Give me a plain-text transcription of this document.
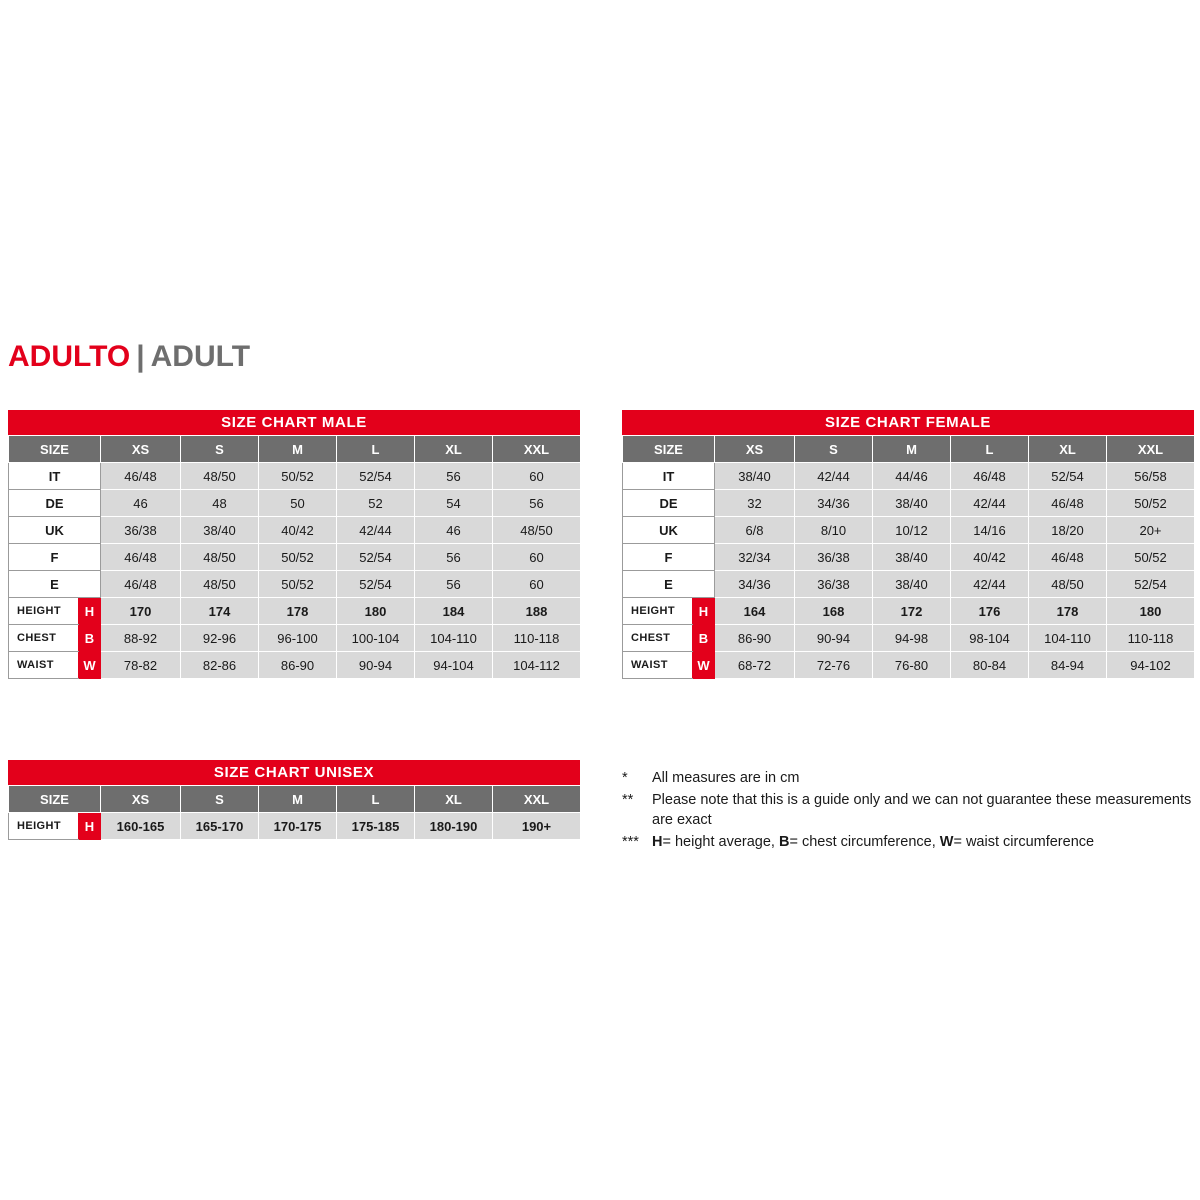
ADULTO | ADULT
SIZE CHART MALE
SIZE		XS	S	M	L	XL	XXL
IT		46/48	48/50	50/52	52/54	56	60
DE		46	48	50	52	54	56
UK		36/38	38/40	40/42	42/44	46	48/50
F		46/48	48/50	50/52	52/54	56	60
E		46/48	48/50	50/52	52/54	56	60
HEIGHT	H	170	174	178	180	184	188
CHEST	B	88-92	92-96	96-100	100-104	104-110	110-118
WAIST	W	78-82	82-86	86-90	90-94	94-104	104-112
SIZE CHART FEMALE
SIZE		XS	S	M	L	XL	XXL
IT		38/40	42/44	44/46	46/48	52/54	56/58
DE		32	34/36	38/40	42/44	46/48	50/52
UK		6/8	8/10	10/12	14/16	18/20	20+
F		32/34	36/38	38/40	40/42	46/48	50/52
E		34/36	36/38	38/40	42/44	48/50	52/54
HEIGHT	H	164	168	172	176	178	180
CHEST	B	86-90	90-94	94-98	98-104	104-110	110-118
WAIST	W	68-72	72-76	76-80	80-84	84-94	94-102
SIZE CHART UNISEX
SIZE		XS	S	M	L	XL	XXL
HEIGHT	H	160-165	165-170	170-175	175-185	180-190	190+
*	All measures are in cm
**	Please note that this is a guide only and we can not guarantee these measurements are exact
*** H= height average, B= chest circumference, W= waist circumference
